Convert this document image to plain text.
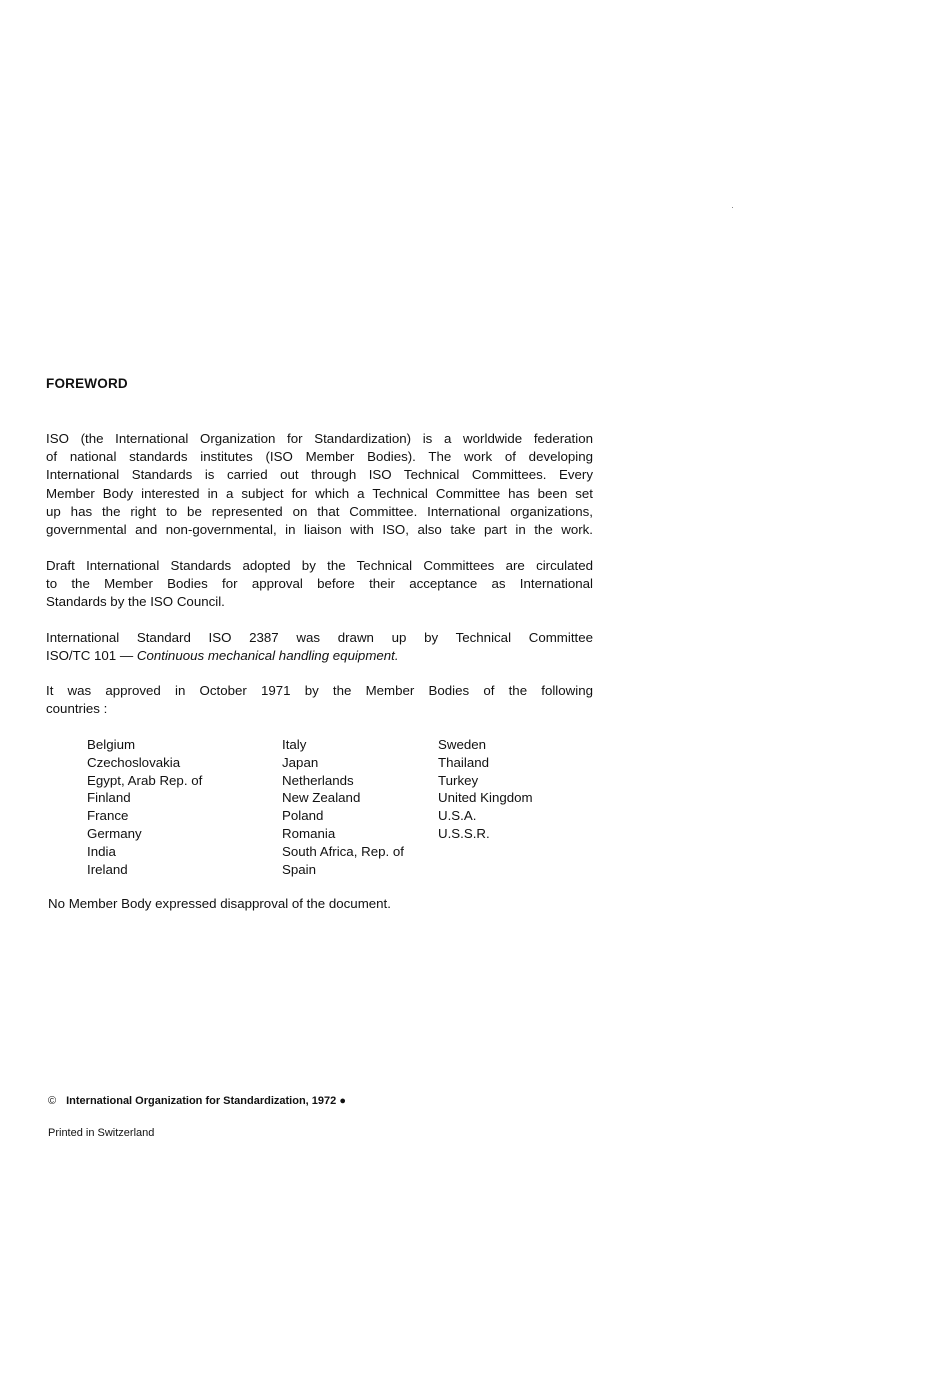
FOREWORD
ISO (the International Organization for Standardization) is a worldwide federation
of national standards institutes (ISO Member Bodies). The work of developing
International Standards is carried out through ISO Technical Committees. Every
Member Body interested in a subject for which a Technical Committee has been set
up has the right to be represented on that Committee. International organizations,
governmental and non-governmental, in liaison with ISO, also take part in the work.
Draft International Standards adopted by the Technical Committees are circulated
to the Member Bodies for approval before their acceptance as International
Standards by the ISO Council.
International Standard ISO 2387 was drawn up by Technical Committee
ISO/TC 101 — Continuous mechanical handling equipment.
It was approved in October 1971 by the Member Bodies of the following
countries :
Belgium
Czechoslovakia
Egypt, Arab Rep. of
Finland
France
Germany
India
Ireland
Italy
Japan
Netherlands
New Zealand
Poland
Romania
South Africa, Rep. of
Spain
Sweden
Thailand
Turkey
United Kingdom
U.S.A.
U.S.S.R.
No Member Body expressed disapproval of the document.
© International Organization for Standardization, 1972 ●
Printed in Switzerland
